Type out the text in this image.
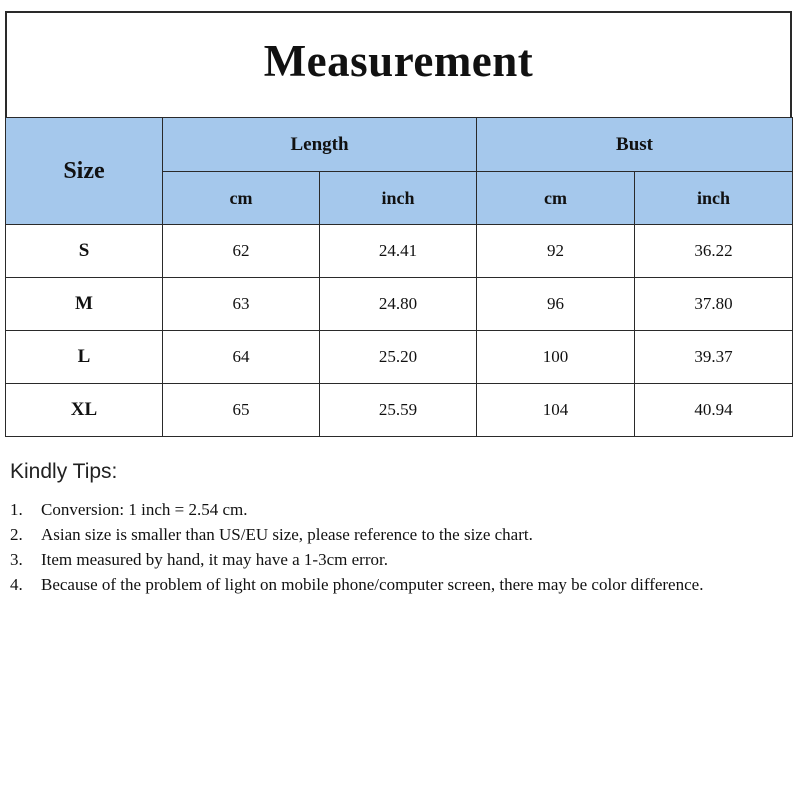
Measurement
Size	Length		Bust	
	cm	inch	cm	inch
S	62	24.41	92	36.22
M	63	24.80	96	37.80
L	64	25.20	100	39.37
XL	65	25.59	104	40.94
Kindly Tips:
1.	Conversion: 1 inch = 2.54 cm.
2.	Asian size is smaller than US/EU size, please reference to the size chart.
3.	Item measured by hand, it may have a 1-3cm error.
4.	Because of the problem of light on mobile phone/computer screen, there may be color difference.
